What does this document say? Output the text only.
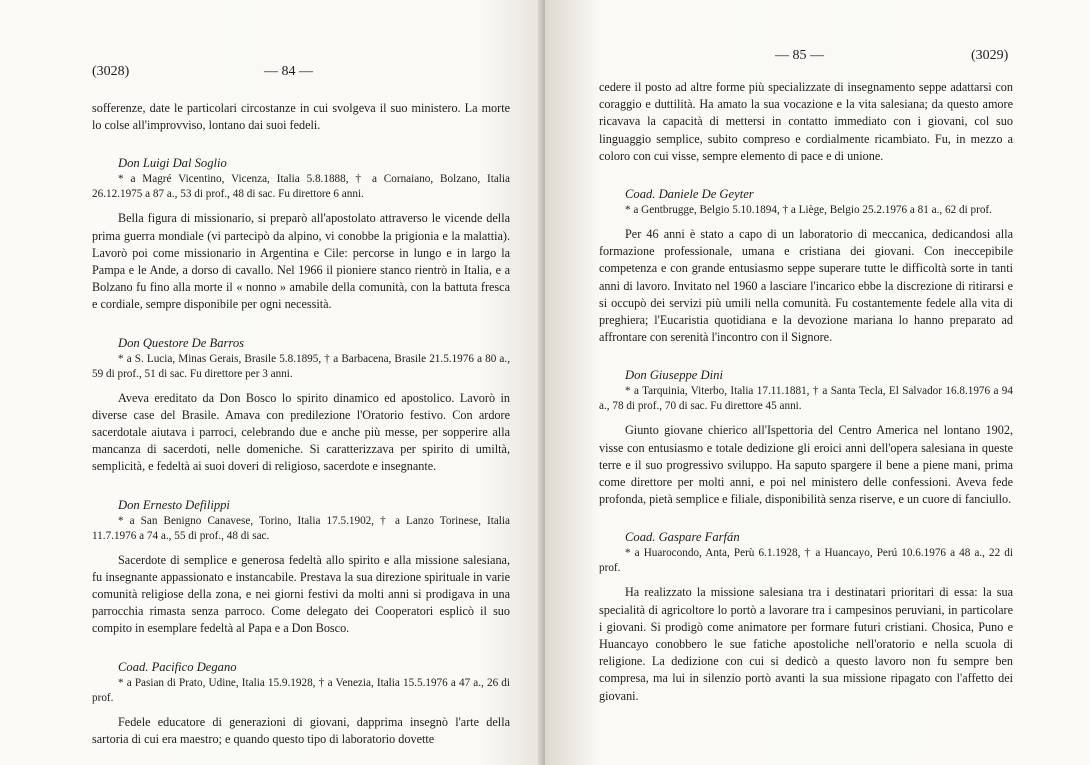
(3028)	— 84 —

sofferenze, date le particolari circostanze in cui svolgeva il suo ministero. La morte lo colse all'improvviso, lontano dai suoi fedeli.

Don Luigi Dal Soglio

* a Magré Vicentino, Vicenza, Italia 5.8.1888, † a Cornaiano, Bolzano, Italia 26.12.1975 a 87 a., 53 di prof., 48 di sac. Fu direttore 6 anni.

Bella figura di missionario, si preparò all'apostolato attraverso le vicende della prima guerra mondiale (vi partecipò da alpino, vi conobbe la prigionia e la malattia). Lavorò poi come missionario in Argentina e Cile: percorse in lungo e in largo la Pampa e le Ande, a dorso di cavallo. Nel 1966 il pioniere stanco rientrò in Italia, e a Bolzano fu fino alla morte il « nonno » amabile della comunità, con la battuta fresca e cordiale, sempre disponibile per ogni necessità.

Don Questore De Barros

* a S. Lucia, Minas Gerais, Brasile 5.8.1895, † a Barbacena, Brasile 21.5.1976 a 80 a., 59 di prof., 51 di sac. Fu direttore per 3 anni.

Aveva ereditato da Don Bosco lo spirito dinamico ed apostolico. Lavorò in diverse case del Brasile. Amava con predilezione l'Oratorio festivo. Con ardore sacerdotale aiutava i parroci, celebrando due e anche più messe, per sopperire alla mancanza di sacerdoti, nelle domeniche. Si caratterizzava per spirito di umiltà, semplicità, e fedeltà ai suoi doveri di religioso, sacerdote e insegnante.

Don Ernesto Defilippi

* a San Benigno Canavese, Torino, Italia 17.5.1902, † a Lanzo Torinese, Italia 11.7.1976 a 74 a., 55 di prof., 48 di sac.

Sacerdote di semplice e generosa fedeltà allo spirito e alla missione salesiana, fu insegnante appassionato e instancabile. Prestava la sua direzione spirituale in varie comunità religiose della zona, e nei giorni festivi da molti anni si prodigava in una parrocchia rimasta senza parroco. Come delegato dei Cooperatori esplicò il suo compito in esemplare fedeltà al Papa e a Don Bosco.

Coad. Pacifico Degano

* a Pasian di Prato, Udine, Italia 15.9.1928, † a Venezia, Italia 15.5.1976 a 47 a., 26 di prof.

Fedele educatore di generazioni di giovani, dapprima insegnò l'arte della sartoria di cui era maestro; e quando questo tipo di laboratorio dovette

— 85 —	(3029)

cedere il posto ad altre forme più specializzate di insegnamento seppe adattarsi con coraggio e duttilità. Ha amato la sua vocazione e la vita salesiana; da questo amore ricavava la capacità di mettersi in contatto immediato con i giovani, col suo linguaggio semplice, subito compreso e cordialmente ricambiato. Fu, in mezzo a coloro con cui visse, sempre elemento di pace e di unione.

Coad. Daniele De Geyter

* a Gentbrugge, Belgio 5.10.1894, † a Liège, Belgio 25.2.1976 a 81 a., 62 di prof.

Per 46 anni è stato a capo di un laboratorio di meccanica, dedicandosi alla formazione professionale, umana e cristiana dei giovani. Con ineccepibile competenza e con grande entusiasmo seppe superare tutte le difficoltà sorte in tanti anni di lavoro. Invitato nel 1960 a lasciare l'incarico ebbe la discrezione di ritirarsi e si occupò dei servizi più umili nella comunità. Fu costantemente fedele alla vita di preghiera; l'Eucaristia quotidiana e la devozione mariana lo hanno preparato ad affrontare con serenità l'incontro con il Signore.

Don Giuseppe Dini

* a Tarquinia, Viterbo, Italia 17.11.1881, † a Santa Tecla, El Salvador 16.8.1976 a 94 a., 78 di prof., 70 di sac. Fu direttore 45 anni.

Giunto giovane chierico all'Ispettoria del Centro America nel lontano 1902, visse con entusiasmo e totale dedizione gli eroici anni dell'opera salesiana in queste terre e il suo progressivo sviluppo. Ha saputo spargere il bene a piene mani, prima come direttore per molti anni, e poi nel ministero delle confessioni. Aveva fede profonda, pietà semplice e filiale, disponibilità senza riserve, e un cuore di fanciullo.

Coad. Gaspare Farfán

* a Huarocondo, Anta, Perù 6.1.1928, † a Huancayo, Perú 10.6.1976 a 48 a., 22 di prof.

Ha realizzato la missione salesiana tra i destinatari prioritari di essa: la sua specialità di agricoltore lo portò a lavorare tra i campesinos peruviani, in particolare i giovani. Si prodigò come animatore per formare futuri cristiani. Chosica, Puno e Huancayo conobbero le sue fatiche apostoliche nell'oratorio e nella scuola di religione. La dedizione con cui si dedicò a questo lavoro non fu sempre ben compresa, ma lui in silenzio portò avanti la sua missione ripagato con l'affetto dei giovani.
